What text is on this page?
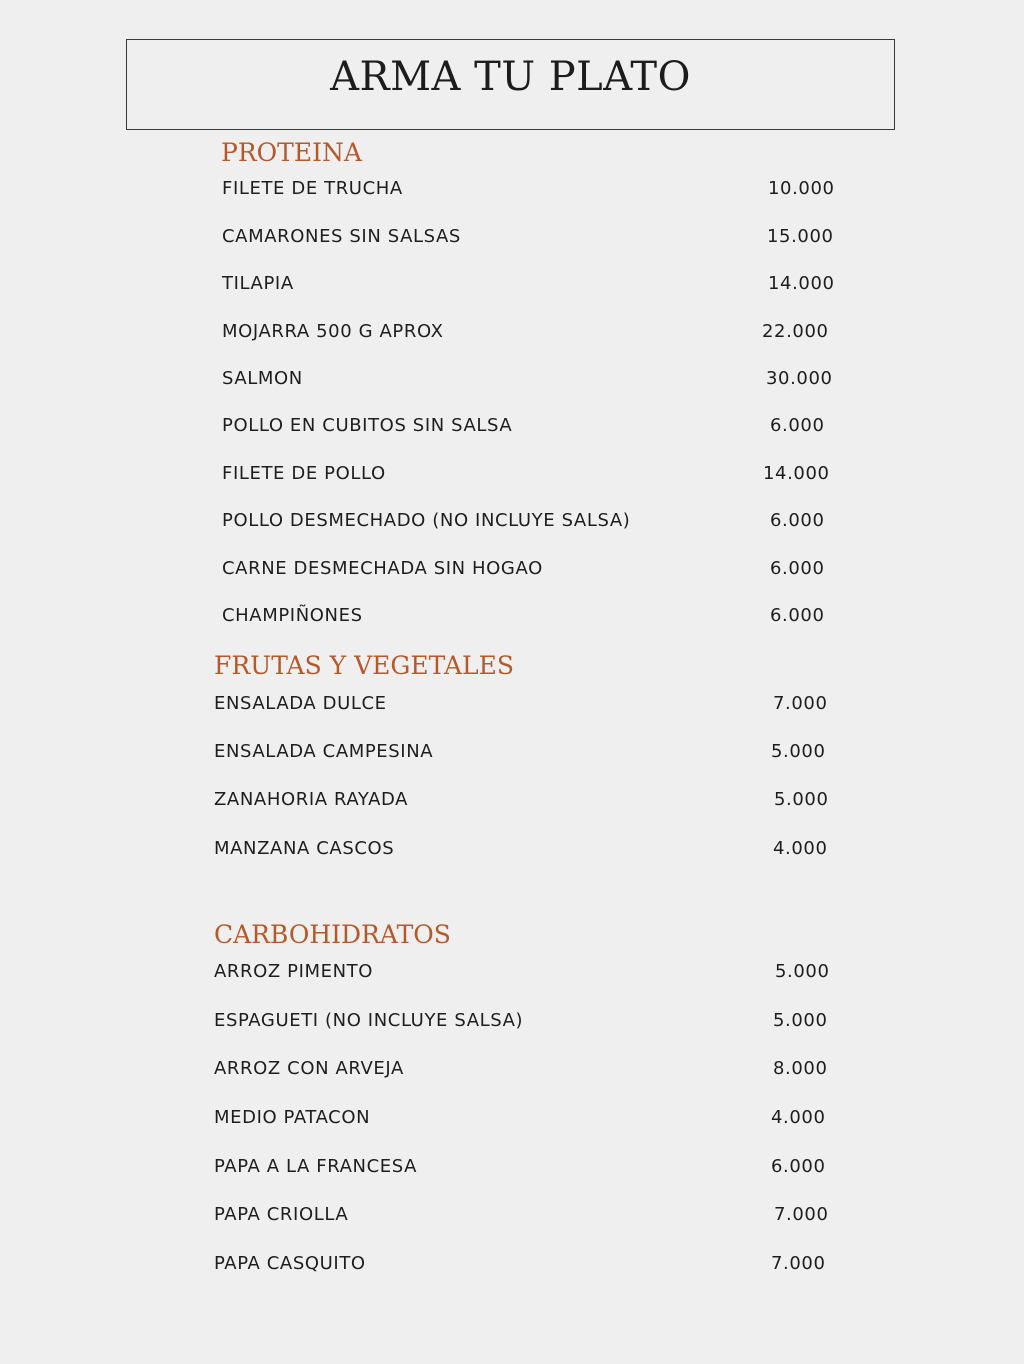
ARMA TU PLATO
PROTEINA
FILETE DE TRUCHA	10.000
CAMARONES SIN SALSAS	15.000
TILAPIA	14.000
MOJARRA 500 G APROX	22.000
SALMON	30.000
POLLO EN CUBITOS SIN SALSA	6.000
FILETE DE POLLO	14.000
POLLO DESMECHADO (NO INCLUYE SALSA)	6.000
CARNE DESMECHADA SIN HOGAO	6.000
CHAMPIÑONES	6.000
FRUTAS Y VEGETALES
ENSALADA DULCE	7.000
ENSALADA CAMPESINA	5.000
ZANAHORIA RAYADA	5.000
MANZANA CASCOS	4.000
CARBOHIDRATOS
ARROZ PIMENTO	5.000
ESPAGUETI (NO INCLUYE SALSA)	5.000
ARROZ CON ARVEJA	8.000
MEDIO PATACON	4.000
PAPA A LA FRANCESA	6.000
PAPA CRIOLLA	7.000
PAPA CASQUITO	7.000
